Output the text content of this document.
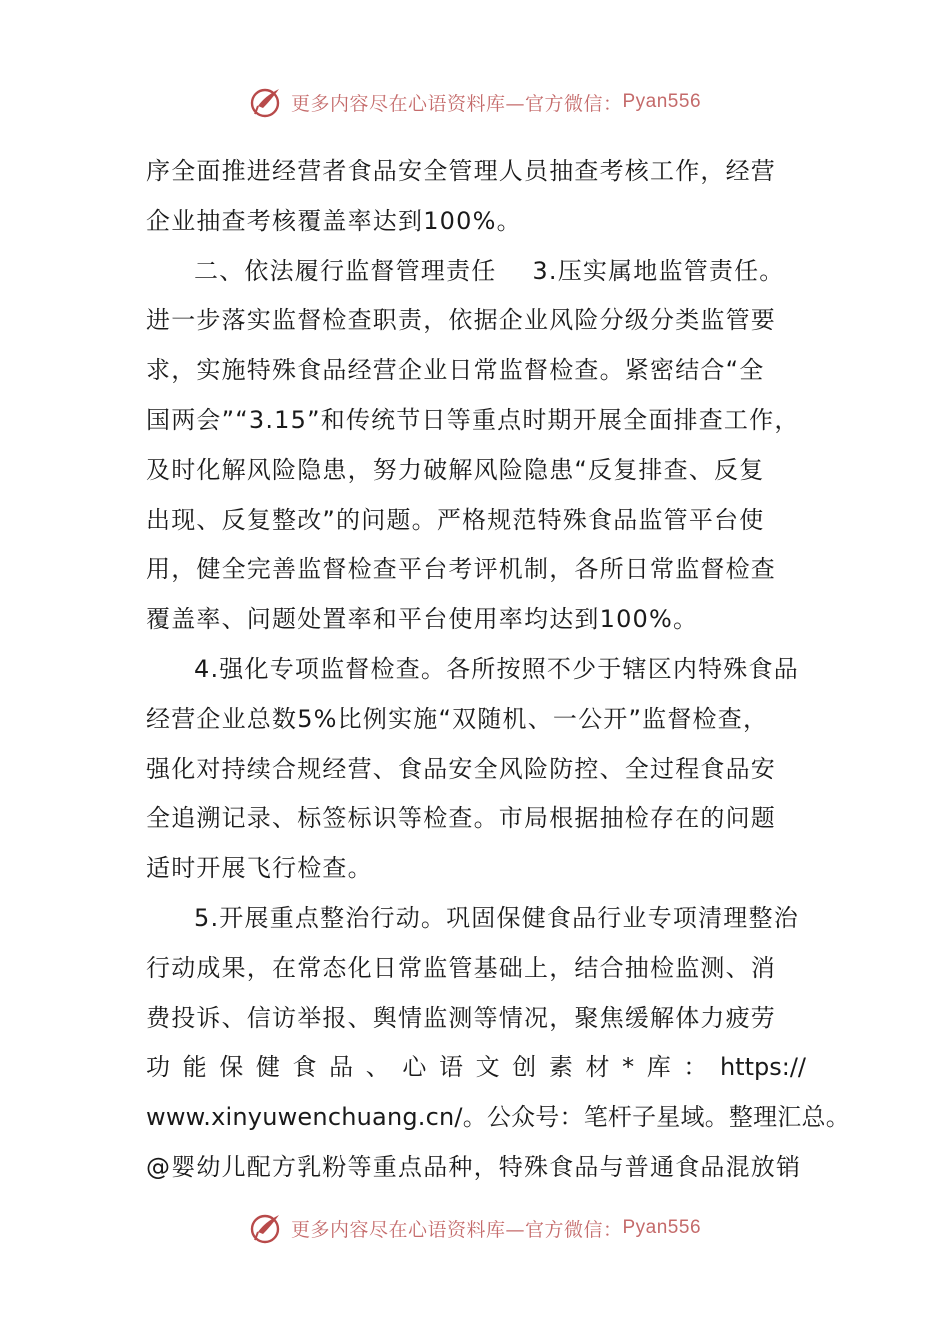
更多内容尽在心语资料库—官方微信： Pyan556
序全面推进经营者食品安全管理人员抽查考核工作，经营
企业抽查考核覆盖率达到100%。
二、依法履行监督管理责任 3.压实属地监管责任。
进一步落实监督检查职责，依据企业风险分级分类监管要
求，实施特殊食品经营企业日常监督检查。紧密结合“全
国两会”“3.15”和传统节日等重点时期开展全面排查工作，
及时化解风险隐患，努力破解风险隐患“反复排查、反复
出现、反复整改”的问题。严格规范特殊食品监管平台使
用，健全完善监督检查平台考评机制，各所日常监督检查
覆盖率、问题处置率和平台使用率均达到100%。
4.强化专项监督检查。各所按照不少于辖区内特殊食品
经营企业总数5%比例实施“双随机、一公开”监督检查，
强化对持续合规经营、食品安全风险防控、全过程食品安
全追溯记录、标签标识等检查。市局根据抽检存在的问题
适时开展飞行检查。
5.开展重点整治行动。巩固保健食品行业专项清理整治
行动成果，在常态化日常监管基础上，结合抽检监测、消
费投诉、信访举报、舆情监测等情况，聚焦缓解体力疲劳
功能保健食品、心语文创素材*库：https://
www.xinyuwenchuang.cn/。公众号：笔杆子星域。整理汇总。
@婴幼儿配方乳粉等重点品种，特殊食品与普通食品混放销
更多内容尽在心语资料库—官方微信： Pyan556
